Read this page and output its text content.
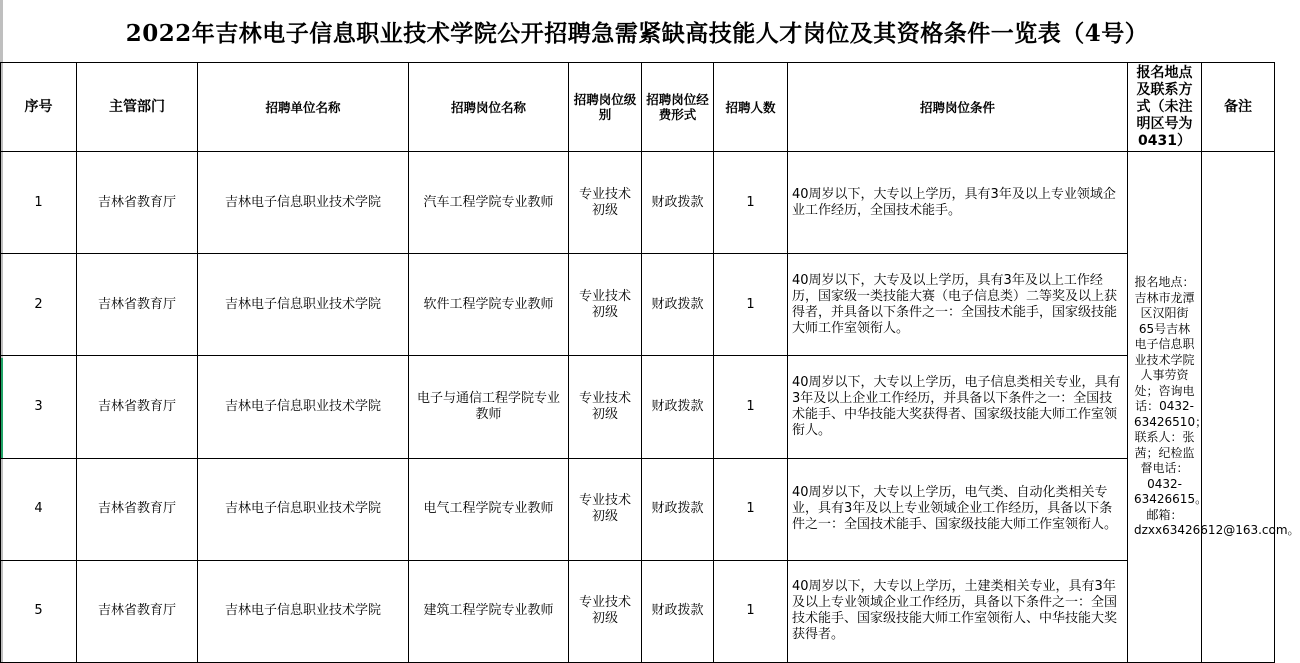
2022年吉林电子信息职业技术学院公开招聘急需紧缺高技能人才岗位及其资格条件一览表（4号）
序号	主管部门	招聘单位名称	招聘岗位名称	招聘岗位级别	招聘岗位经费形式	招聘人数	招聘岗位条件	报名地点及联系方式（未注明区号为0431）	备注
1	吉林省教育厅	吉林电子信息职业技术学院	汽车工程学院专业教师	专业技术初级	财政拨款	1	40周岁以下，大专以上学历，具有3年及以上专业领域企业工作经历，全国技术能手。	报名地点：吉林市龙潭区汉阳街65号吉林电子信息职业技术学院人事劳资处；咨询电话：0432-63426510；联系人：张茜；纪检监督电话：0432-63426615。邮箱：dzxx63426612@163.com。	
2	吉林省教育厅	吉林电子信息职业技术学院	软件工程学院专业教师	专业技术初级	财政拨款	1	40周岁以下，大专及以上学历，具有3年及以上工作经历，国家级一类技能大赛（电子信息类）二等奖及以上获得者，并具备以下条件之一：全国技术能手，国家级技能大师工作室领衔人。		
3	吉林省教育厅	吉林电子信息职业技术学院	电子与通信工程学院专业教师	专业技术初级	财政拨款	1	40周岁以下，大专以上学历，电子信息类相关专业，具有3年及以上企业工作经历，并具备以下条件之一：全国技术能手、中华技能大奖获得者、国家级技能大师工作室领衔人。		
4	吉林省教育厅	吉林电子信息职业技术学院	电气工程学院专业教师	专业技术初级	财政拨款	1	40周岁以下，大专以上学历，电气类、自动化类相关专业，具有3年及以上专业领域企业工作经历，具备以下条件之一：全国技术能手、国家级技能大师工作室领衔人。		
5	吉林省教育厅	吉林电子信息职业技术学院	建筑工程学院专业教师	专业技术初级	财政拨款	1	40周岁以下，大专以上学历，土建类相关专业，具有3年及以上专业领域企业工作经历，具备以下条件之一：全国技术能手、国家级技能大师工作室领衔人、中华技能大奖获得者。		
